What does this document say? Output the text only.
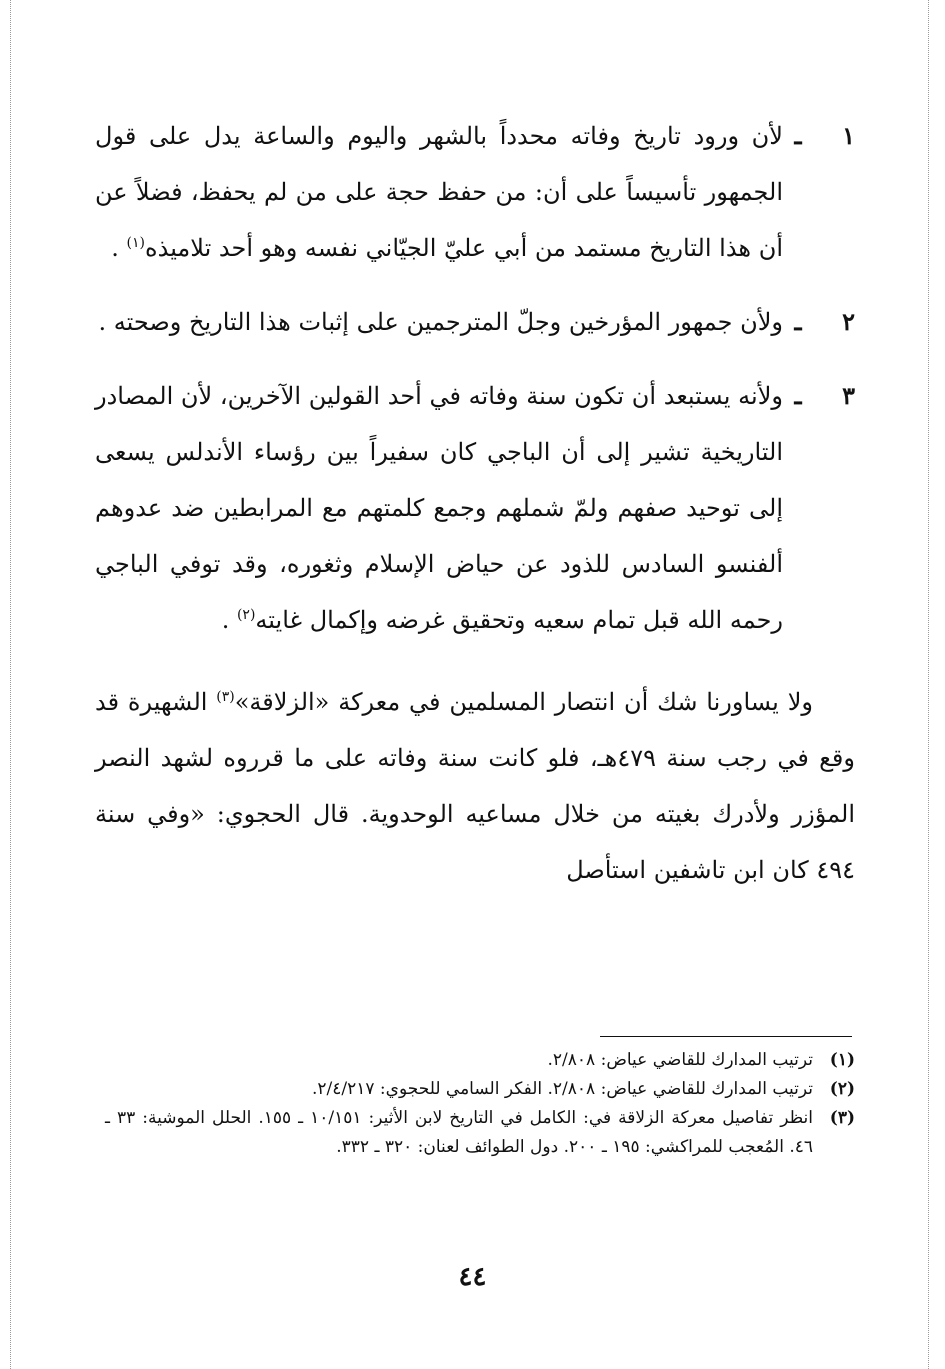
١
ـ
لأن ورود تاريخ وفاته محدداً بالشهر واليوم والساعة يدل على قول الجمهور تأسيساً على أن: من حفظ حجة على من لم يحفظ، فضلاً عن أن هذا التاريخ مستمد من أبي عليّ الجيّاني نفسه وهو أحد تلاميذه$^{(١)}$ .
٢
ـ
ولأن جمهور المؤرخين وجلّ المترجمين على إثبات هذا التاريخ وصحته .
٣
ـ
ولأنه يستبعد أن تكون سنة وفاته في أحد القولين الآخرين، لأن المصادر التاريخية تشير إلى أن الباجي كان سفيراً بين رؤساء الأندلس يسعى إلى توحيد صفهم ولمّ شملهم وجمع كلمتهم مع المرابطين ضد عدوهم ألفنسو السادس للذود عن حياض الإسلام وثغوره، وقد توفي الباجي رحمه الله قبل تمام سعيه وتحقيق غرضه وإكمال غايته$^{(٢)}$ .

ولا يساورنا شك أن انتصار المسلمين في معركة «الزلاقة»$^{(٣)}$ الشهيرة قد وقع في رجب سنة ٤٧٩هـ، فلو كانت سنة وفاته على ما قرروه لشهد النصر المؤزر ولأدرك بغيته من خلال مساعيه الوحدوية. قال الحجوي: «وفي سنة ٤٩٤ كان ابن تاشفين استأصل

(١)
ترتيب المدارك للقاضي عياض: ٢/٨٠٨.
(٢)
ترتيب المدارك للقاضي عياض: ٢/٨٠٨. الفكر السامي للحجوي: ٢/٤/٢١٧.
(٣)
انظر تفاصيل معركة الزلاقة في: الكامل في التاريخ لابن الأثير: ١٠/١٥١ ـ ١٥٥. الحلل الموشية: ٣٣ ـ ٤٦. المُعجب للمراكشي: ١٩٥ ـ ٢٠٠. دول الطوائف لعنان: ٣٢٠ ـ ٣٣٢.
٤٤
